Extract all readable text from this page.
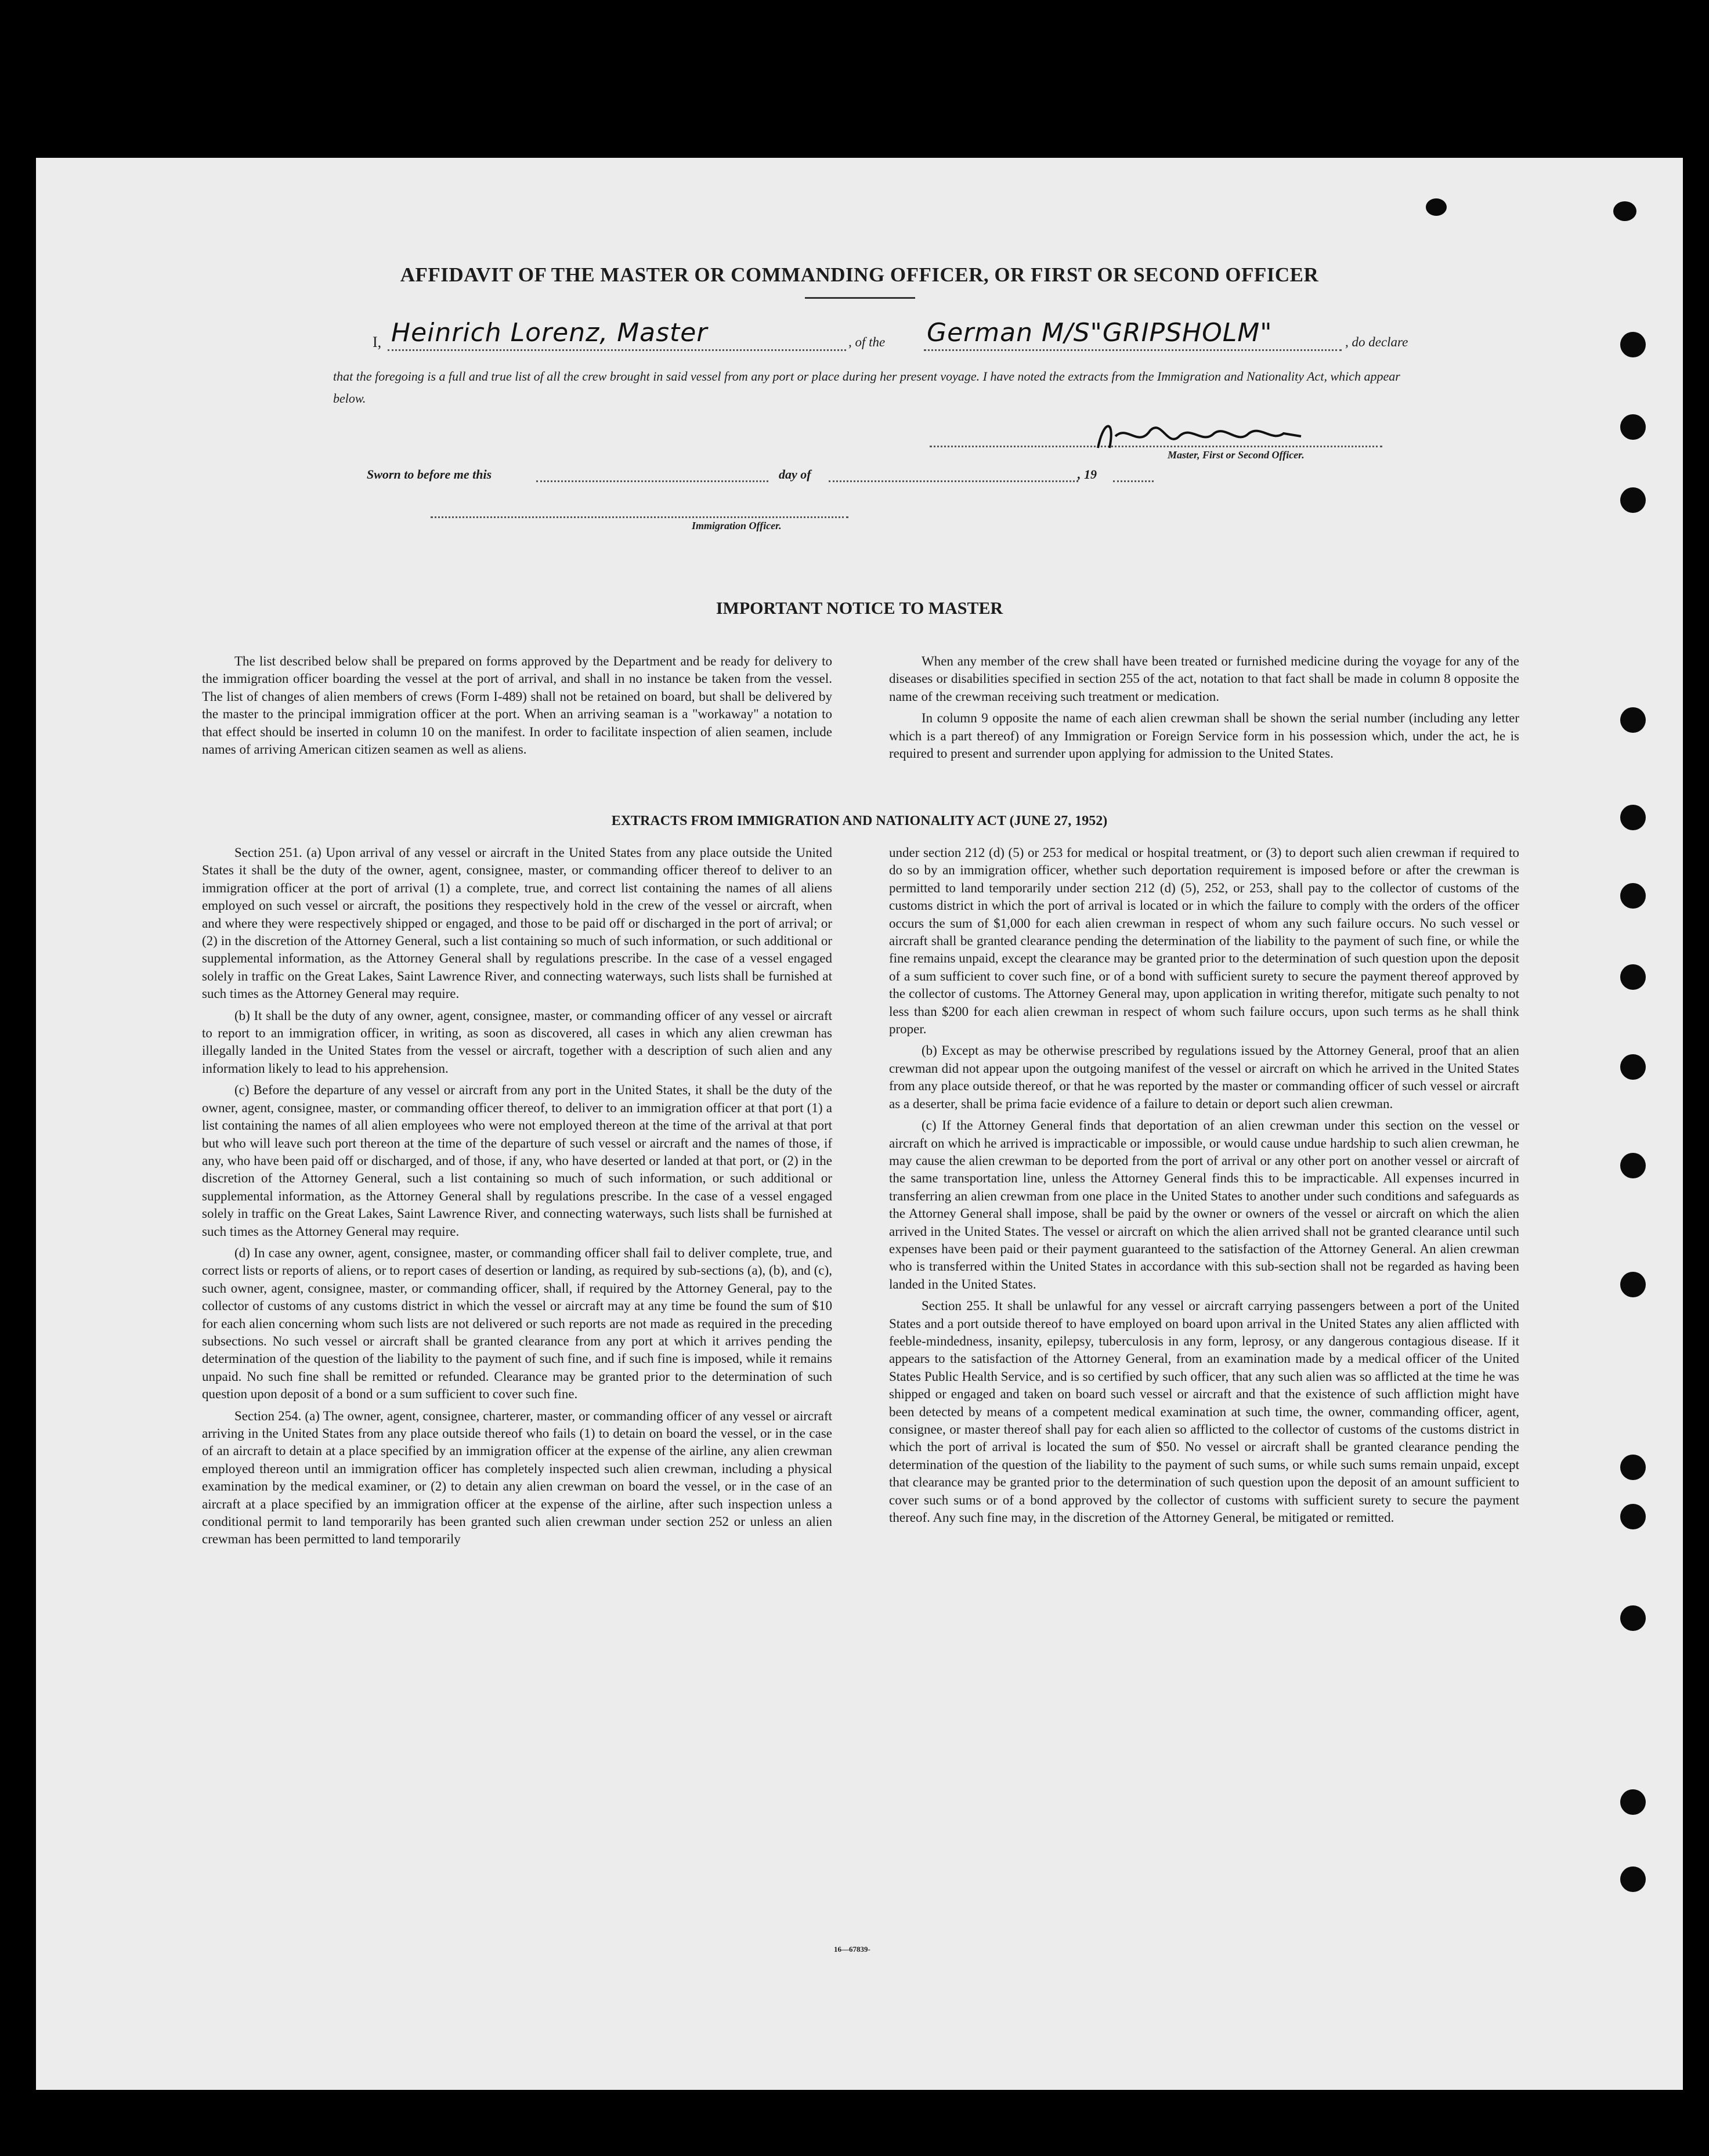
AFFIDAVIT OF THE MASTER OR COMMANDING OFFICER, OR FIRST OR SECOND OFFICER
I, Heinrich Lorenz, Master	, of the German M/S"GRIPSHOLM"	, do declare
that the foregoing is a full and true list of all the crew brought in said vessel from any port or place during her present voyage. I have noted the extracts from the Immigration and Nationality Act, which appear below.
Master, First or Second Officer.
Sworn to before me this	day of	, 19
Immigration Officer.
IMPORTANT NOTICE TO MASTER

The list described below shall be prepared on forms approved by the Department and be ready for delivery to the immigration officer boarding the vessel at the port of arrival, and shall in no instance be taken from the vessel. The list of changes of alien members of crews (Form I-489) shall not be retained on board, but shall be delivered by the master to the principal immigration officer at the port. When an arriving seaman is a "workaway" a notation to that effect should be inserted in column 10 on the manifest. In order to facilitate inspection of alien seamen, include names of arriving American citizen seamen as well as aliens.

When any member of the crew shall have been treated or furnished medicine during the voyage for any of the diseases or disabilities specified in section 255 of the act, notation to that fact shall be made in column 8 opposite the name of the crewman receiving such treatment or medication.

In column 9 opposite the name of each alien crewman shall be shown the serial number (including any letter which is a part thereof) of any Immigration or Foreign Service form in his possession which, under the act, he is required to present and surrender upon applying for admission to the United States.

EXTRACTS FROM IMMIGRATION AND NATIONALITY ACT (JUNE 27, 1952)

Section 251. (a) Upon arrival of any vessel or aircraft in the United States from any place outside the United States it shall be the duty of the owner, agent, consignee, master, or commanding officer thereof to deliver to an immigration officer at the port of arrival (1) a complete, true, and correct list containing the names of all aliens employed on such vessel or aircraft, the positions they respectively hold in the crew of the vessel or aircraft, when and where they were respectively shipped or engaged, and those to be paid off or discharged in the port of arrival; or (2) in the discretion of the Attorney General, such a list containing so much of such information, or such additional or supplemental information, as the Attorney General shall by regulations prescribe. In the case of a vessel engaged solely in traffic on the Great Lakes, Saint Lawrence River, and connecting waterways, such lists shall be furnished at such times as the Attorney General may require.

(b) It shall be the duty of any owner, agent, consignee, master, or commanding officer of any vessel or aircraft to report to an immigration officer, in writing, as soon as discovered, all cases in which any alien crewman has illegally landed in the United States from the vessel or aircraft, together with a description of such alien and any information likely to lead to his apprehension.

(c) Before the departure of any vessel or aircraft from any port in the United States, it shall be the duty of the owner, agent, consignee, master, or commanding officer thereof, to deliver to an immigration officer at that port (1) a list containing the names of all alien employees who were not employed thereon at the time of the arrival at that port but who will leave such port thereon at the time of the departure of such vessel or aircraft and the names of those, if any, who have been paid off or discharged, and of those, if any, who have deserted or landed at that port, or (2) in the discretion of the Attorney General, such a list containing so much of such information, or such additional or supplemental information, as the Attorney General shall by regulations prescribe. In the case of a vessel engaged solely in traffic on the Great Lakes, Saint Lawrence River, and connecting waterways, such lists shall be furnished at such times as the Attorney General may require.

(d) In case any owner, agent, consignee, master, or commanding officer shall fail to deliver complete, true, and correct lists or reports of aliens, or to report cases of desertion or landing, as required by sub-sections (a), (b), and (c), such owner, agent, consignee, master, or commanding officer, shall, if required by the Attorney General, pay to the collector of customs of any customs district in which the vessel or aircraft may at any time be found the sum of $10 for each alien concerning whom such lists are not delivered or such reports are not made as required in the preceding subsections. No such vessel or aircraft shall be granted clearance from any port at which it arrives pending the determination of the question of the liability to the payment of such fine, and if such fine is imposed, while it remains unpaid. No such fine shall be remitted or refunded. Clearance may be granted prior to the determination of such question upon deposit of a bond or a sum sufficient to cover such fine.

Section 254. (a) The owner, agent, consignee, charterer, master, or commanding officer of any vessel or aircraft arriving in the United States from any place outside thereof who fails (1) to detain on board the vessel, or in the case of an aircraft to detain at a place specified by an immigration officer at the expense of the airline, any alien crewman employed thereon until an immigration officer has completely inspected such alien crewman, including a physical examination by the medical examiner, or (2) to detain any alien crewman on board the vessel, or in the case of an aircraft at a place specified by an immigration officer at the expense of the airline, after such inspection unless a conditional permit to land temporarily has been granted such alien crewman under section 252 or unless an alien crewman has been permitted to land temporarily

under section 212 (d) (5) or 253 for medical or hospital treatment, or (3) to deport such alien crewman if required to do so by an immigration officer, whether such deportation requirement is imposed before or after the crewman is permitted to land temporarily under section 212 (d) (5), 252, or 253, shall pay to the collector of customs of the customs district in which the port of arrival is located or in which the failure to comply with the orders of the officer occurs the sum of $1,000 for each alien crewman in respect of whom any such failure occurs. No such vessel or aircraft shall be granted clearance pending the determination of the liability to the payment of such fine, or while the fine remains unpaid, except the clearance may be granted prior to the determination of such question upon the deposit of a sum sufficient to cover such fine, or of a bond with sufficient surety to secure the payment thereof approved by the collector of customs. The Attorney General may, upon application in writing therefor, mitigate such penalty to not less than $200 for each alien crewman in respect of whom such failure occurs, upon such terms as he shall think proper.

(b) Except as may be otherwise prescribed by regulations issued by the Attorney General, proof that an alien crewman did not appear upon the outgoing manifest of the vessel or aircraft on which he arrived in the United States from any place outside thereof, or that he was reported by the master or commanding officer of such vessel or aircraft as a deserter, shall be prima facie evidence of a failure to detain or deport such alien crewman.

(c) If the Attorney General finds that deportation of an alien crewman under this section on the vessel or aircraft on which he arrived is impracticable or impossible, or would cause undue hardship to such alien crewman, he may cause the alien crewman to be deported from the port of arrival or any other port on another vessel or aircraft of the same transportation line, unless the Attorney General finds this to be impracticable. All expenses incurred in transferring an alien crewman from one place in the United States to another under such conditions and safeguards as the Attorney General shall impose, shall be paid by the owner or owners of the vessel or aircraft on which the alien arrived in the United States. The vessel or aircraft on which the alien arrived shall not be granted clearance until such expenses have been paid or their payment guaranteed to the satisfaction of the Attorney General. An alien crewman who is transferred within the United States in accordance with this sub-section shall not be regarded as having been landed in the United States.

Section 255. It shall be unlawful for any vessel or aircraft carrying passengers between a port of the United States and a port outside thereof to have employed on board upon arrival in the United States any alien afflicted with feeble-mindedness, insanity, epilepsy, tuberculosis in any form, leprosy, or any dangerous contagious disease. If it appears to the satisfaction of the Attorney General, from an examination made by a medical officer of the United States Public Health Service, and is so certified by such officer, that any such alien was so afflicted at the time he was shipped or engaged and taken on board such vessel or aircraft and that the existence of such affliction might have been detected by means of a competent medical examination at such time, the owner, commanding officer, agent, consignee, or master thereof shall pay for each alien so afflicted to the collector of customs of the customs district in which the port of arrival is located the sum of $50. No vessel or aircraft shall be granted clearance pending the determination of the question of the liability to the payment of such sums, or while such sums remain unpaid, except that clearance may be granted prior to the determination of such question upon the deposit of an amount sufficient to cover such sums or of a bond approved by the collector of customs with sufficient surety to secure the payment thereof. Any such fine may, in the discretion of the Attorney General, be mitigated or remitted.

16—67839-
